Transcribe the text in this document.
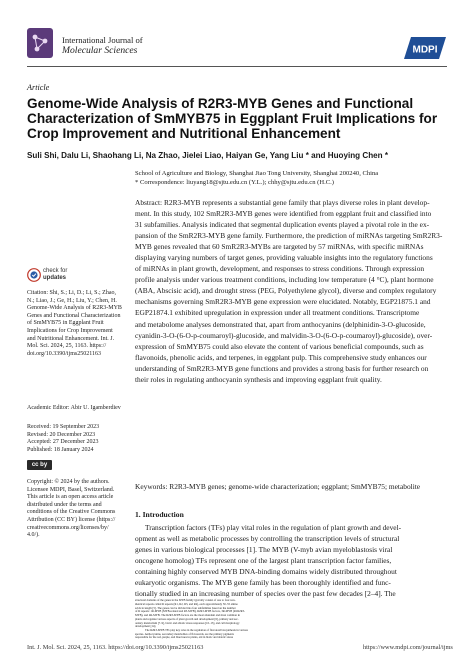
International Journal of
Molecular Sciences	MDPI
Article
Genome-Wide Analysis of R2R3-MYB Genes and Functional
Characterization of SmMYB75 in Eggplant Fruit Implications for
Crop Improvement and Nutritional Enhancement
Suli Shi, Dalu Li, Shaohang Li, Na Zhao, Jielei Liao, Haiyan Ge, Yang Liu * and Huoying Chen *
School of Agriculture and Biology, Shanghai Jiao Tong University, Shanghai 200240, China
* Correspondence: liuyang18@sjtu.edu.cn (Y.L.); chhy@sjtu.edu.cn (H.C.)
Abstract: R2R3-MYB represents a substantial gene family that plays diverse roles in plant develop-
ment. In this study, 102 SmR2R3-MYB genes were identified from eggplant fruit and classified into
31 subfamilies. Analysis indicated that segmental duplication events played a pivotal role in the ex-
pansion of the SmR2R3-MYB gene family. Furthermore, the prediction of miRNAs targeting SmR2R3-
MYB genes revealed that 60 SmR2R3-MYBs are targeted by 57 miRNAs, with specific miRNAs
displaying varying numbers of target genes, providing valuable insights into the regulatory functions
of miRNAs in plant growth, development, and responses to stress conditions. Through expression
profile analysis under various treatment conditions, including low temperature (4 °C), plant hormone
(ABA, Abscisic acid), and drought stress (PEG, Polyethylene glycol), diverse and complex regulatory
mechanisms governing SmR2R3-MYB gene expression were elucidated. Notably, EGP21875.1 and
EGP21874.1 exhibited upregulation in expression under all treatment conditions. Transcriptome
and metabolome analyses demonstrated that, apart from anthocyanins (delphinidin-3-O-glucoside,
cyanidin-3-O-(6-O-p-coumaroyl)-glucoside, and malvidin-3-O-(6-O-p-coumaroyl)-glucoside), over-
expression of SmMYB75 could also elevate the content of various beneficial compounds, such as
flavonoids, phenolic acids, and terpenes, in eggplant pulp. This comprehensive study enhances our
understanding of SmR2R3-MYB gene functions and provides a strong basis for further research on
their roles in regulating anthocyanin synthesis and improving eggplant fruit quality.
Keywords: R2R3-MYB genes; genome-wide characterization; eggplant; SmMYB75; metabolite
1. Introduction
Transcription factors (TFs) play vital roles in the regulation of plant growth and devel-
opment as well as metabolic processes by controlling the transcription levels of structural
genes in various biological processes [1]. The MYB (V-myb avian myeloblastosis viral
oncogene homolog) TFs represent one of the largest plant transcription factor families,
containing highly conserved MYB DNA-binding domains widely distributed throughout
eukaryotic organisms. The MYB gene family has been thoroughly identified and func-
tionally studied in an increasing number of species over the past few decades [2–4]. The
check for
updates
Citation: Shi, S.; Li, D.; Li, S.; Zhao,
N.; Liao, J.; Ge, H.; Liu, Y.; Chen, H.
Genome-Wide Analysis of R2R3-MYB
Genes and Functional Characterization
of SmMYB75 in Eggplant Fruit
Implications for Crop Improvement
and Nutritional Enhancement. Int. J.
Mol. Sci. 2024, 25, 1163. https://
doi.org/10.3390/ijms25021163
Academic Editor: Abir U. Igamberdiev
Received: 19 September 2023
Revised: 20 December 2023
Accepted: 27 December 2023
Published: 18 January 2024
cc by
Copyright: © 2024 by the authors.
Licensee MDPI, Basel, Switzerland.
This article is an open access article
distributed under the terms and
conditions of the Creative Commons
Attribution (CC BY) license (https://
creativecommons.org/licenses/by/
4.0/).
Int. J. Mol. Sci. 2024, 25, 1163. https://doi.org/10.3390/ijms25021163	https://www.mdpi.com/journal/ijms
structural domains of the genes in the MYB family typically consist of one to four non-
identical repeats called R repeats (R1, R2, R3, and R4), each approximately 50–55 amino
acids in length [5]. The genes can be divided into four subfamilies based on the number
of R repeats: 1R-MYB (MYB-related and R3-MYB), R2R3-MYB factors, 3R-MYB (R1R2R3-
MYB), and 4R-MYB. The R2R3-MYB factors are the most abundant and most common in
plants and regulate various aspects of plant growth and development [6], primary and sec-
ondary metabolism [7–9], biotic and abiotic stress responses [10–13], and cell morphology
development [14].
The R2R3-MYB TFs play key roles in the regulation of flavonoid biosynthesis in various
species. Anthocyanins, secondary metabolites of flavonoids, are the primary pigments
responsible for the red, purple, and blue hues in plants, aid in biotic and abiotic stress
